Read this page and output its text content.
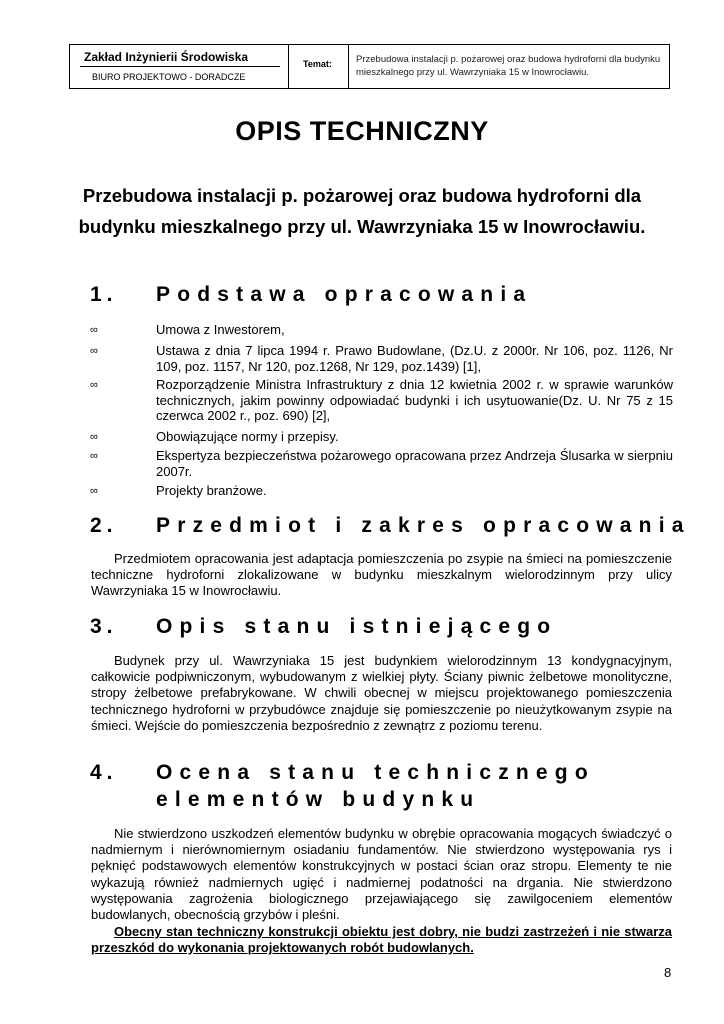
Zakład Inżynierii Środowiska
BIURO PROJEKTOWO - DORADCZE
Temat:	Przebudowa instalacji p. pożarowej oraz budowa hydroforni dla budynku mieszkalnego przy ul. Wawrzyniaka 15 w Inowrocławiu.
OPIS TECHNICZNY
Przebudowa instalacji p. pożarowej oraz budowa hydroforni dla budynku mieszkalnego przy ul. Wawrzyniaka 15 w Inowrocławiu.
1. Podstawa opracowania
∞	Umowa z Inwestorem,
∞	Ustawa z dnia 7 lipca 1994 r. Prawo Budowlane, (Dz.U. z 2000r. Nr 106, poz. 1126, Nr 109, poz. 1157, Nr 120, poz.1268, Nr 129, poz.1439) [1],
∞	Rozporządzenie Ministra Infrastruktury z dnia 12 kwietnia 2002 r. w sprawie warunków technicznych, jakim powinny odpowiadać budynki i ich usytuowanie(Dz. U. Nr 75 z 15 czerwca 2002 r., poz. 690) [2],
∞	Obowiązujące normy i przepisy.
∞	Ekspertyza bezpieczeństwa pożarowego opracowana przez Andrzeja Ślusarka w sierpniu 2007r.
∞	Projekty branżowe.
2. Przedmiot i zakres opracowania
Przedmiotem opracowania jest adaptacja pomieszczenia po zsypie na śmieci na pomieszczenie techniczne hydroforni zlokalizowane w budynku mieszkalnym wielorodzinnym przy ulicy Wawrzyniaka 15 w Inowrocławiu.
3. Opis stanu istniejącego
Budynek przy ul. Wawrzyniaka 15 jest budynkiem wielorodzinnym 13 kondygnacyjnym, całkowicie podpiwniczonym, wybudowanym z wielkiej płyty. Ściany piwnic żelbetowe monolityczne, stropy żelbetowe prefabrykowane. W chwili obecnej w miejscu projektowanego pomieszczenia technicznego hydroforni w przybudówce znajduje się pomieszczenie po nieużytkowanym zsypie na śmieci. Wejście do pomieszczenia bezpośrednio z zewnątrz z poziomu terenu.
4. Ocena stanu technicznego
elementów budynku
Nie stwierdzono uszkodzeń elementów budynku w obrębie opracowania mogących świadczyć o nadmiernym i nierównomiernym osiadaniu fundamentów. Nie stwierdzono występowania rys i pęknięć podstawowych elementów konstrukcyjnych w postaci ścian oraz stropu. Elementy te nie wykazują również nadmiernych ugięć i nadmiernej podatności na drgania. Nie stwierdzono występowania zagrożenia biologicznego przejawiającego się zawilgoceniem elementów budowlanych, obecnością grzybów i pleśni.
Obecny stan techniczny konstrukcji obiektu jest dobry, nie budzi zastrzeżeń i nie stwarza przeszkód do wykonania projektowanych robót budowlanych.
8
